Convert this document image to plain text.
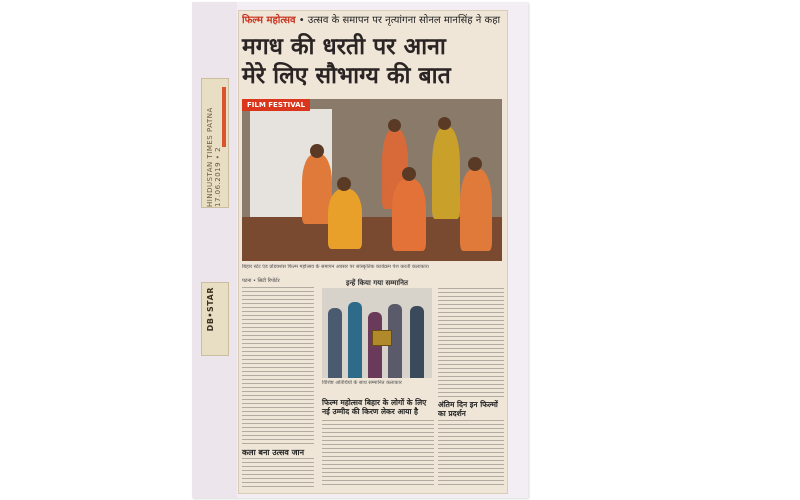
HINDUSTAN TIMES PATNA 17.06.2019 • 2
DB•STAR
फिल्म महोत्सव • उत्सव के समापन पर नृत्यांगना सोनल मानसिंह ने कहा
मगध की धरती पर आना
मेरे लिए सौभाग्य की बात
FILM FESTIVAL
बिहार स्टेट एंड प्रोडक्शंस फिल्म महोत्सव के समापन अवसर पर सांस्कृतिक कार्यक्रम पेश करती कलाकार।
पटना • सिटी रिपोर्टर
कला बना उत्सव जान
इन्हें किया गया सम्मानित
विशिष्ट अतिथियों के साथ सम्मानित कलाकार
फिल्म महोत्सव बिहार के लोगों के लिए नई उम्मीद की किरण लेकर आया है
अंतिम दिन इन फिल्मों का प्रदर्शन
